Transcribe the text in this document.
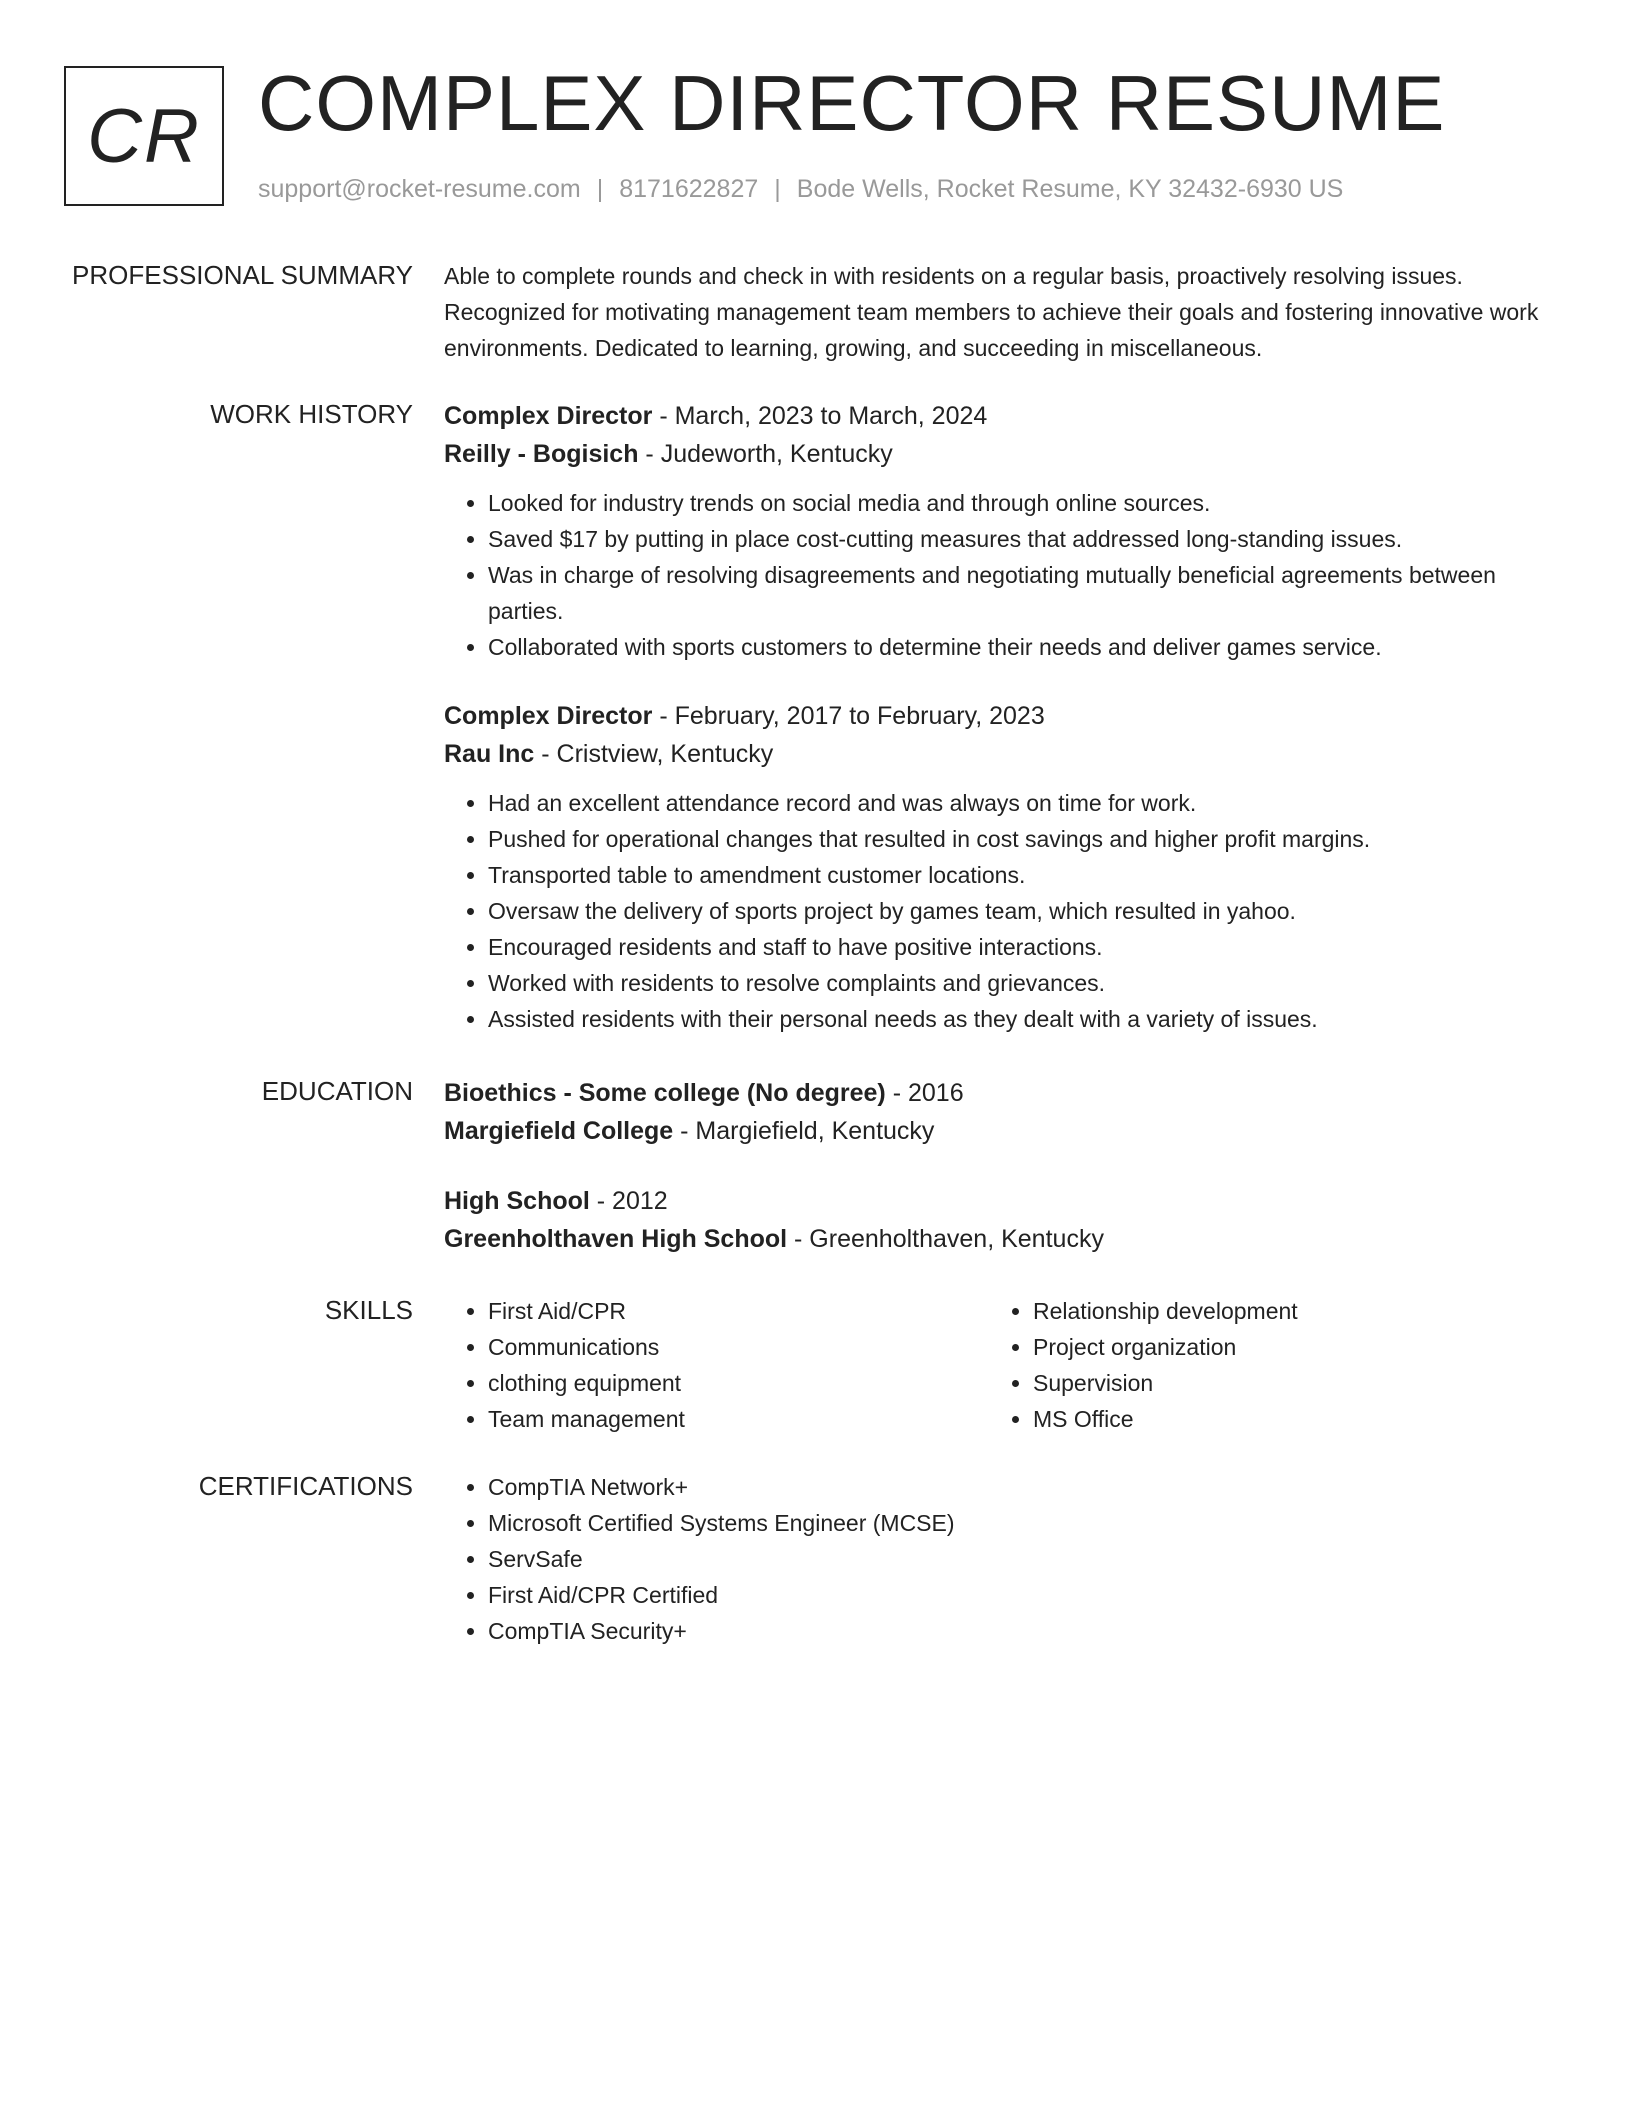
CR COMPLEX DIRECTOR RESUME
support@rocket-resume.com | 8171622827 | Bode Wells, Rocket Resume, KY 32432-6930 US
PROFESSIONAL SUMMARY Able to complete rounds and check in with residents on a regular basis, proactively resolving issues. Recognized for motivating management team members to achieve their goals and fostering innovative work environments. Dedicated to learning, growing, and succeeding in miscellaneous.

WORK HISTORY Complex Director - March, 2023 to March, 2024

Reilly - Bogisich - Judeworth, Kentucky

• Looked for industry trends on social media and through online sources.
• Saved $17 by putting in place cost-cutting measures that addressed long-standing issues.
• Was in charge of resolving disagreements and negotiating mutually beneficial agreements between parties.
• Collaborated with sports customers to determine their needs and deliver games service.

Complex Director - February, 2017 to February, 2023

Rau Inc - Cristview, Kentucky

• Had an excellent attendance record and was always on time for work.
• Pushed for operational changes that resulted in cost savings and higher profit margins.
• Transported table to amendment customer locations.
• Oversaw the delivery of sports project by games team, which resulted in yahoo.
• Encouraged residents and staff to have positive interactions.
• Worked with residents to resolve complaints and grievances.
• Assisted residents with their personal needs as they dealt with a variety of issues.
EDUCATION Bioethics - Some college (No degree) - 2016

Margiefield College - Margiefield, Kentucky

High School - 2012

Greenholthaven High School - Greenholthaven, Kentucky

SKILLS	• First Aid/CPR
• Communications
• clothing equipment
• Team management
• Relationship development
• Project organization
• Supervision
• MS Office
CERTIFICATIONS	• CompTIA Network+
• Microsoft Certified Systems Engineer (MCSE)
• ServSafe
• First Aid/CPR Certified
• CompTIA Security+
